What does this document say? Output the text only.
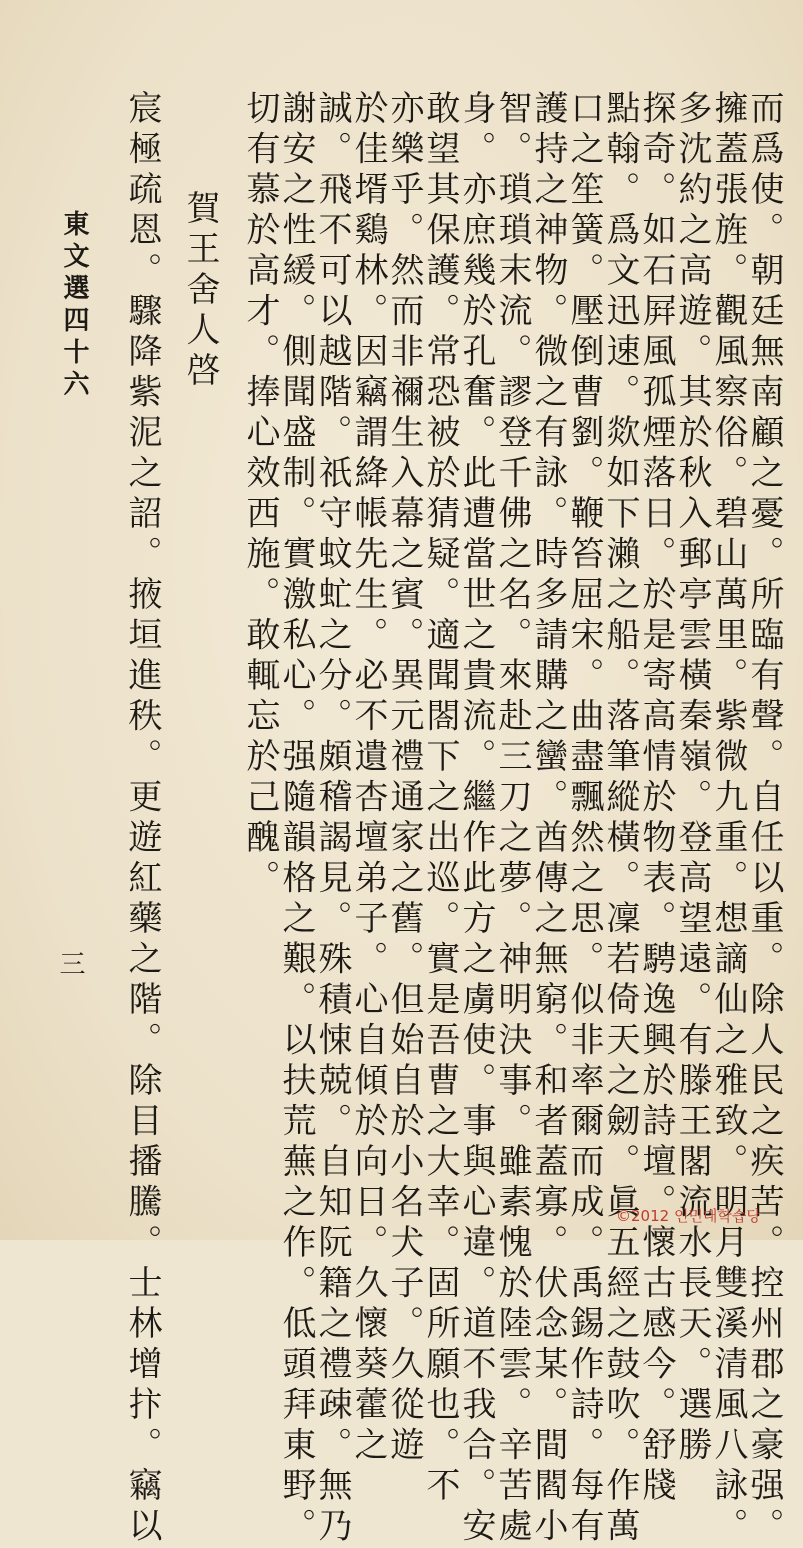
而爲使。朝廷無南顧之憂。所臨有聲。自任以重。除人民之疾苦。控州郡之豪强。
擁蓋張旌。觀風察俗。碧山萬里。紫微九重。想謫仙之雅致。明月雙溪清風八詠。
多沈約之高遊。其於秋入郵亭雲橫秦嶺。登高望遠。有滕王閣流水長天。選勝
探奇。如石屛風孤煙落日。於是寄高情於物表。騁逸興於詩壇。懷古感今。舒牋
點翰。爲文迅速。欻如下瀨之船。落筆縱橫。凜若倚天之劒。眞五經之鼓吹。作萬
口之笙簧。壓倒曹劉。鞭笞屈宋。曲盡飄然之思。似非率爾而成。禹錫作詩。每有
護持之神物。微之有詠。時多請購之蠻。酋傳之無窮。和者蓋寡。伏念某。間閻小
智。瑣瑣末流。謬登千佛之名。來赴三刀之夢。神明決事。雖素愧於陸雲。辛苦處
身。亦庶幾於孔奮。此遭當世之貴流。繼作此方之虜使。事與心違。道不我合。安
敢望其保護。常恐被於猜疑。適聞閤下之出巡。實是吾曹之大幸。固所願也。不
亦樂乎。然而非禰生入幕之賓。異元禮通家之舊。但始自於小名犬子。久從遊
於佳壻鷄林。因竊謂絳帳先生。必不遺杏壇弟子。心自傾於向日。久懷葵藿之
誠。飛不可以越階。祇守蚊虻之分。頗稽謁見。殊積悚兢。自知阮籍之禮疎。無乃
謝安之性緩。側聞盛制。實激私心。强隨韻格之艱。以扶荒蕪之作。低頭拜東野。
切有慕於高才。捧心效西施。敢輒忘於己醜。
賀王舍人啓
宸極疏恩。驟降紫泥之詔。掖垣進秩。更遊紅藥之階。除目播騰。士林增抃。竊以
東文選四十六
三
©2012 인민대학습당
